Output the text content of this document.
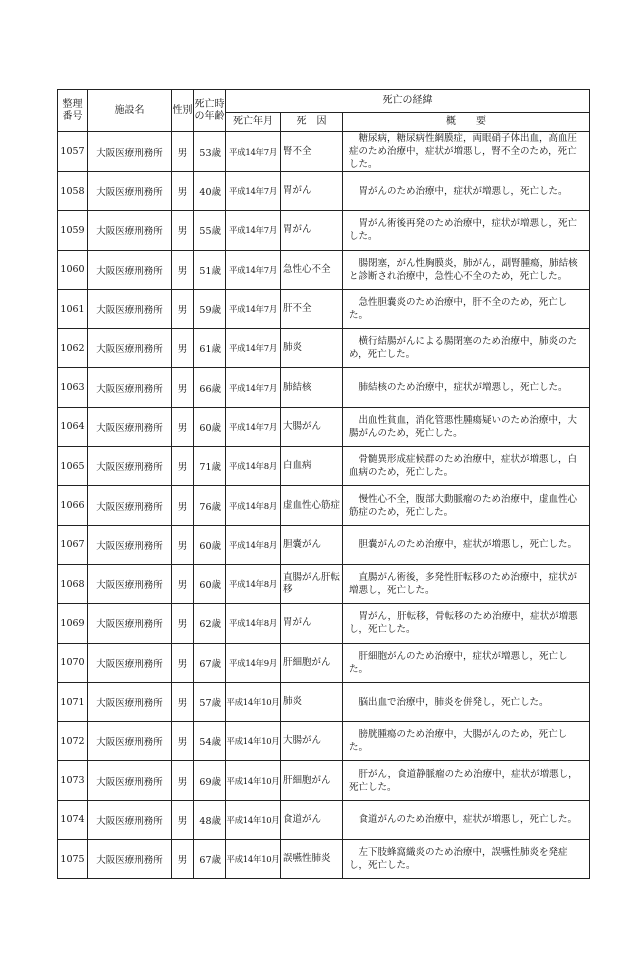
整理番号	施設名	性別	死亡時の年齢	死亡の経緯		
				死亡年月	死　因	概　　要
1057	大阪医療刑務所	男	53歳	平成14年7月	腎不全	糖尿病，糖尿病性網膜症，両眼硝子体出血，高血圧症のため治療中，症状が増悪し，腎不全のため，死亡した。

1058	大阪医療刑務所	男	40歳	平成14年7月	胃がん	胃がんのため治療中，症状が増悪し，死亡した。

1059	大阪医療刑務所	男	55歳	平成14年7月	胃がん	胃がん術後再発のため治療中，症状が増悪し，死亡した。

1060	大阪医療刑務所	男	51歳	平成14年7月	急性心不全	腸閉塞，がん性胸膜炎，肺がん，副腎腫瘍，肺結核と診断され治療中，急性心不全のため，死亡した。

1061	大阪医療刑務所	男	59歳	平成14年7月	肝不全	急性胆嚢炎のため治療中，肝不全のため，死亡した。

1062	大阪医療刑務所	男	61歳	平成14年7月	肺炎	横行結腸がんによる腸閉塞のため治療中，肺炎のため，死亡した。

1063	大阪医療刑務所	男	66歳	平成14年7月	肺結核	肺結核のため治療中，症状が増悪し，死亡した。

1064	大阪医療刑務所	男	60歳	平成14年7月	大腸がん	出血性貧血，消化管悪性腫瘍疑いのため治療中，大腸がんのため，死亡した。

1065	大阪医療刑務所	男	71歳	平成14年8月	白血病	骨髄異形成症候群のため治療中，症状が増悪し，白血病のため，死亡した。

1066	大阪医療刑務所	男	76歳	平成14年8月	虚血性心筋症	慢性心不全，腹部大動脈瘤のため治療中，虚血性心筋症のため，死亡した。

1067	大阪医療刑務所	男	60歳	平成14年8月	胆嚢がん	胆嚢がんのため治療中，症状が増悪し，死亡した。

1068	大阪医療刑務所	男	60歳	平成14年8月	直腸がん肝転移	直腸がん術後，多発性肝転移のため治療中，症状が増悪し，死亡した。

1069	大阪医療刑務所	男	62歳	平成14年8月	胃がん	胃がん，肝転移，骨転移のため治療中，症状が増悪し，死亡した。

1070	大阪医療刑務所	男	67歳	平成14年9月	肝細胞がん	肝細胞がんのため治療中，症状が増悪し，死亡した。

1071	大阪医療刑務所	男	57歳	平成14年10月	肺炎	脳出血で治療中，肺炎を併発し，死亡した。

1072	大阪医療刑務所	男	54歳	平成14年10月	大腸がん	膀胱腫瘍のため治療中，大腸がんのため，死亡した。

1073	大阪医療刑務所	男	69歳	平成14年10月	肝細胞がん	肝がん，食道静脈瘤のため治療中，症状が増悪し，死亡した。

1074	大阪医療刑務所	男	48歳	平成14年10月	食道がん	食道がんのため治療中，症状が増悪し，死亡した。

1075	大阪医療刑務所	男	67歳	平成14年10月	誤嚥性肺炎	左下肢蜂窩織炎のため治療中，誤嚥性肺炎を発症し，死亡した。
